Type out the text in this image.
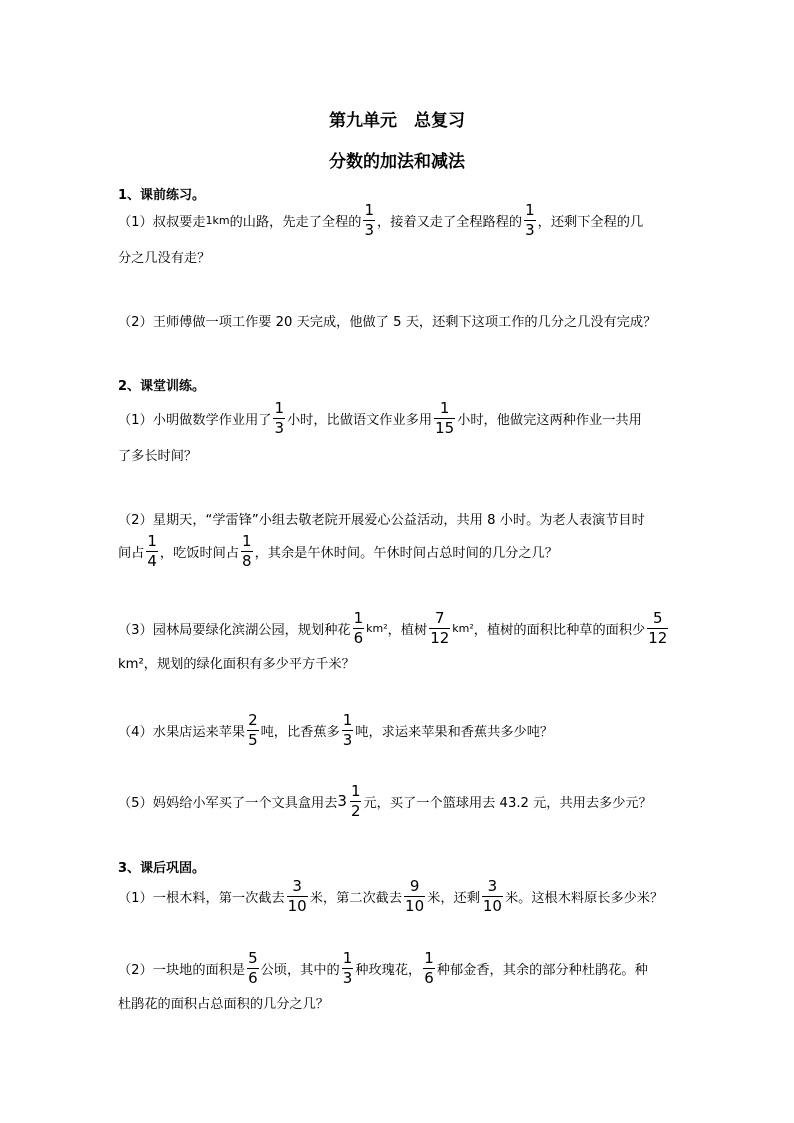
第九单元　总复习
分数的加法和减法
1、课前练习。
（1）叔叔要走 1km 的山路，先走了全程的 $\frac{1}{3}$ ，接着又走了全程路程的 $\frac{1}{3}$ ，还剩下全程的几
分之几没有走？
（2）王师傅做一项工作要 20 天完成，他做了 5 天，还剩下这项工作的几分之几没有完成？
2、课堂训练。
（1）小明做数学作业用了 $\frac{1}{3}$ 小时，比做语文作业多用 $\frac{1}{15}$ 小时，他做完这两种作业一共用
了多长时间？
（2）星期天，“学雷锋”小组去敬老院开展爱心公益活动，共用 8 小时。为老人表演节目时
间占 $\frac{1}{4}$ ，吃饭时间占 $\frac{1}{8}$ ，其余是午休时间。午休时间占总时间的几分之几？
（3）园林局要绿化滨湖公园，规划种花 $\frac{1}{6} km^2$ ，植树 $\frac{7}{12} km^2$ ，植树的面积比种草的面积少 $\frac{5}{12}$
km²，规划的绿化面积有多少平方千米？
（4）水果店运来苹果 $\frac{2}{5}$ 吨，比香蕉多 $\frac{1}{3}$ 吨，求运来苹果和香蕉共多少吨？
（5）妈妈给小军买了一个文具盒用去 $3 \frac{1}{2}$ 元，买了一个篮球用去 43.2 元，共用去多少元？
3、课后巩固。
（1）一根木料，第一次截去 $\frac{3}{10}$ 米，第二次截去 $\frac{9}{10}$ 米，还剩 $\frac{3}{10}$ 米。这根木料原长多少米？
（2）一块地的面积是 $\frac{5}{6}$ 公顷，其中的 $\frac{1}{3}$ 种玫瑰花， $\frac{1}{6}$ 种郁金香，其余的部分种杜鹃花。种
杜鹃花的面积占总面积的几分之几？
